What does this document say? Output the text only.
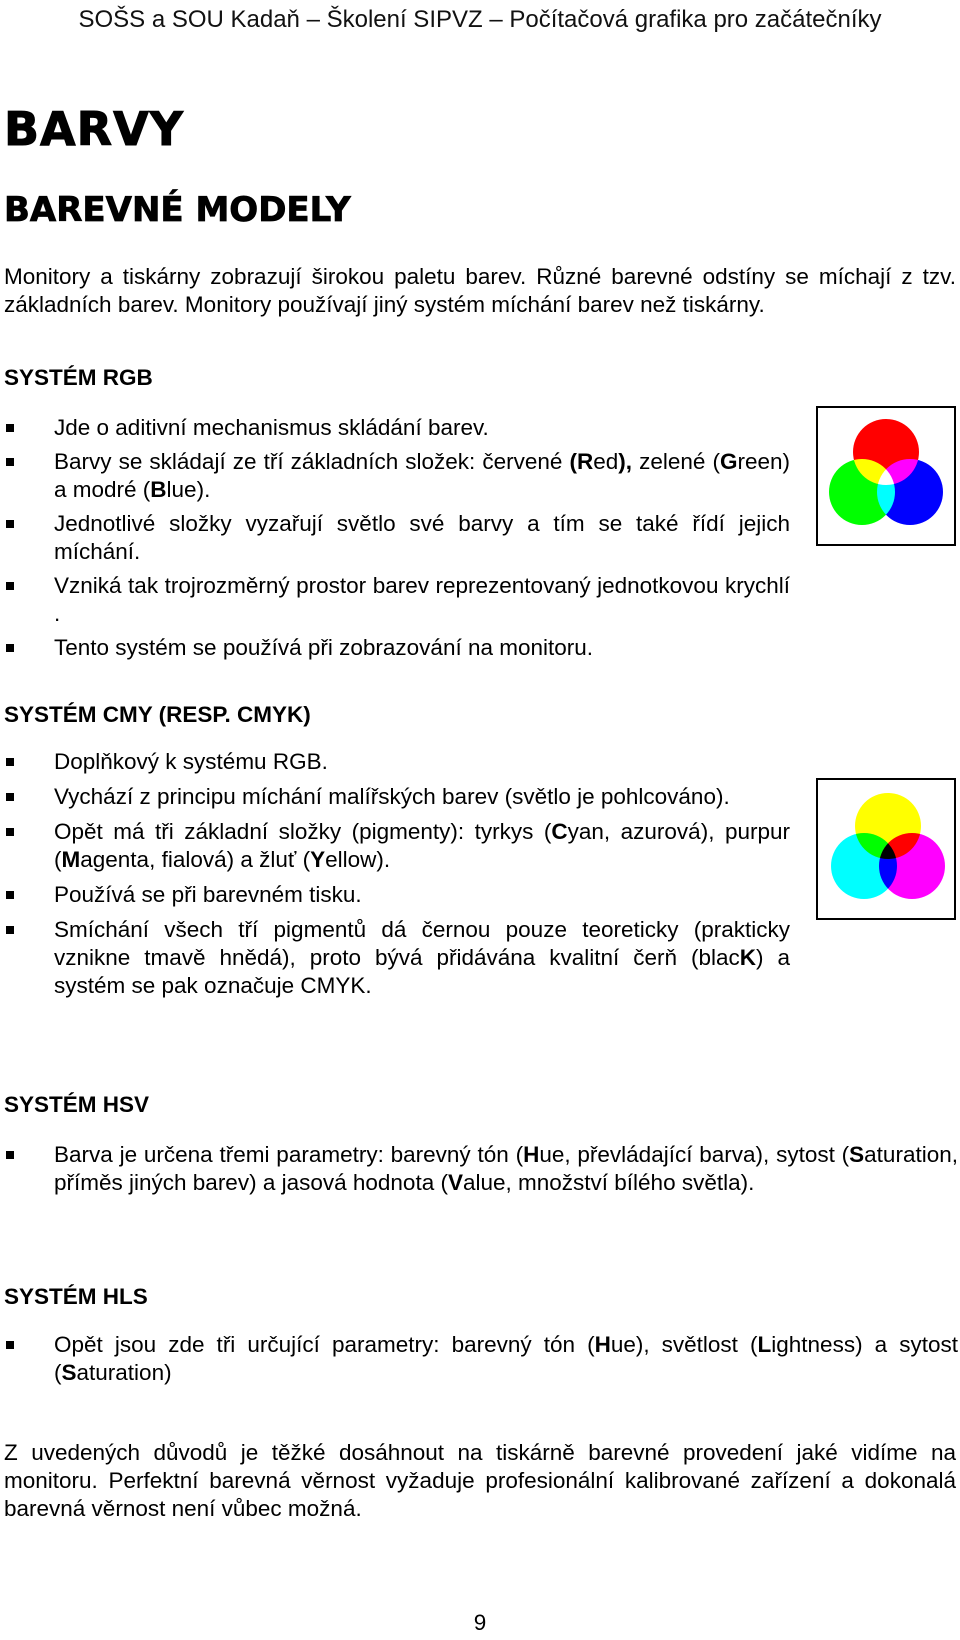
SOŠS a SOU Kadaň – Školení SIPVZ – Počítačová grafika pro začátečníky
BARVY
BAREVNÉ MODELY
Monitory a tiskárny zobrazují širokou paletu barev. Různé barevné odstíny se míchají z tzv. základních barev. Monitory používají jiný systém míchání barev než tiskárny.
SYSTÉM RGB
Jde o aditivní mechanismus skládání barev.
Barvy se skládají ze tří základních složek: červené (Red), zelené (Green) a modré (Blue).
Jednotlivé složky vyzařují světlo své barvy a tím se také řídí jejich míchání.
Vzniká tak trojrozměrný prostor barev reprezentovaný jednotkovou krychlí .
Tento systém se používá při zobrazování na monitoru.
SYSTÉM CMY (RESP. CMYK)
Doplňkový k systému RGB.
Vychází z principu míchání malířských barev (světlo je pohlcováno).
Opět má tři základní složky (pigmenty): tyrkys (Cyan, azurová), purpur (Magenta, fialová) a žluť (Yellow).
Používá se při barevném tisku.
Smíchání všech tří pigmentů dá černou pouze teoreticky (prakticky vznikne tmavě hnědá), proto bývá přidávána kvalitní čerň (blacK) a systém se pak označuje CMYK.
SYSTÉM HSV
Barva je určena třemi parametry: barevný tón (Hue, převládající barva), sytost (Saturation, příměs jiných barev) a jasová hodnota (Value, množství bílého světla).
SYSTÉM HLS
Opět jsou zde tři určující parametry: barevný tón (Hue), světlost (Lightness) a sytost (Saturation)
Z uvedených důvodů je těžké dosáhnout na tiskárně barevné provedení jaké vidíme na monitoru. Perfektní barevná věrnost vyžaduje profesionální kalibrované zařízení a dokonalá barevná věrnost není vůbec možná.
9
